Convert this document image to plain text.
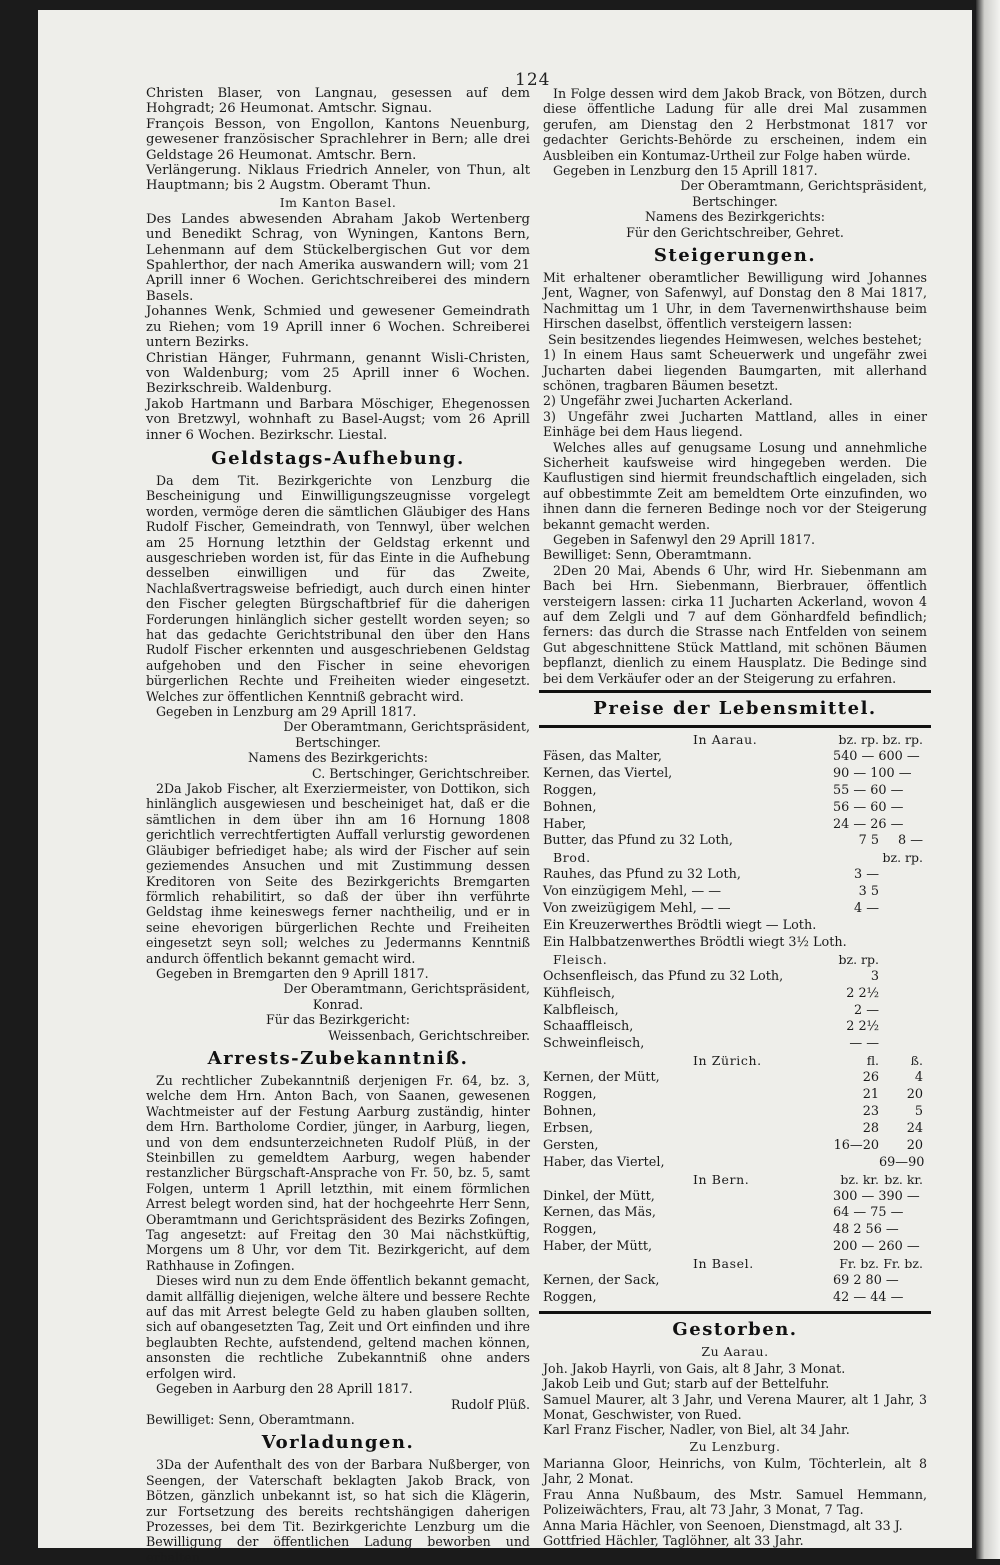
124

Christen Blaser, von Langnau, gesessen auf dem Hohgradt; 26 Heumonat. Amtschr. Signau.

François Besson, von Engollon, Kantons Neuenburg, gewesener französischer Sprachlehrer in Bern; alle drei Geldstage 26 Heumonat. Amtschr. Bern.

Verlängerung. Niklaus Friedrich Anneler, von Thun, alt Hauptmann; bis 2 Augstm. Oberamt Thun.

Im Kanton Basel.

Des Landes abwesenden Abraham Jakob Wertenberg und Benedikt Schrag, von Wyningen, Kantons Bern, Lehenmann auf dem Stückelbergischen Gut vor dem Spahlerthor, der nach Amerika auswandern will; vom 21 Aprill inner 6 Wochen. Gerichtschreiberei des mindern Basels.

Johannes Wenk, Schmied und gewesener Gemeindrath zu Riehen; vom 19 Aprill inner 6 Wochen. Schreiberei untern Bezirks.

Christian Hänger, Fuhrmann, genannt Wisli-Christen, von Waldenburg; vom 25 Aprill inner 6 Wochen. Bezirkschreib. Waldenburg.

Jakob Hartmann und Barbara Möschiger, Ehegenossen von Bretzwyl, wohnhaft zu Basel-Augst; vom 26 Aprill inner 6 Wochen. Bezirkschr. Liestal.

Geldstags-Aufhebung.

Da dem Tit. Bezirkgerichte von Lenzburg die Bescheinigung und Einwilligungszeugnisse vorgelegt worden, vermöge deren die sämtlichen Gläubiger des Hans Rudolf Fischer, Gemeindrath, von Tennwyl, über welchen am 25 Hornung letzthin der Geldstag erkennt und ausgeschrieben worden ist, für das Einte in die Aufhebung desselben einwilligen und für das Zweite, Nachlaßvertragsweise befriedigt, auch durch einen hinter den Fischer gelegten Bürgschaftbrief für die daherigen Forderungen hinlänglich sicher gestellt worden seyen; so hat das gedachte Gerichtstribunal den über den Hans Rudolf Fischer erkennten und ausgeschriebenen Geldstag aufgehoben und den Fischer in seine ehevorigen bürgerlichen Rechte und Freiheiten wieder eingesetzt. Welches zur öffentlichen Kenntniß gebracht wird.

Gegeben in Lenzburg am 29 Aprill 1817.

Der Oberamtmann, Gerichtspräsident,

Bertschinger.

Namens des Bezirkgerichts:

C. Bertschinger, Gerichtschreiber.

2Da Jakob Fischer, alt Exerziermeister, von Dottikon, sich hinlänglich ausgewiesen und bescheiniget hat, daß er die sämtlichen in dem über ihn am 16 Hornung 1808 gerichtlich verrechtfertigten Auffall verlurstig gewordenen Gläubiger befriediget habe; als wird der Fischer auf sein geziemendes Ansuchen und mit Zustimmung dessen Kreditoren von Seite des Bezirkgerichts Bremgarten förmlich rehabilitirt, so daß der über ihn verführte Geldstag ihme keineswegs ferner nachtheilig, und er in seine ehevorigen bürgerlichen Rechte und Freiheiten eingesetzt seyn soll; welches zu Jedermanns Kenntniß andurch öffentlich bekannt gemacht wird.

Gegeben in Bremgarten den 9 Aprill 1817.

Der Oberamtmann, Gerichtspräsident,

Konrad.

Für das Bezirkgericht:

Weissenbach, Gerichtschreiber.

Arrests-Zubekanntniß.

Zu rechtlicher Zubekanntniß derjenigen Fr. 64, bz. 3, welche dem Hrn. Anton Bach, von Saanen, gewesenen Wachtmeister auf der Festung Aarburg zuständig, hinter dem Hrn. Bartholome Cordier, jünger, in Aarburg, liegen, und von dem endsunterzeichneten Rudolf Plüß, in der Steinbillen zu gemeldtem Aarburg, wegen habender restanzlicher Bürgschaft-Ansprache von Fr. 50, bz. 5, samt Folgen, unterm 1 Aprill letzthin, mit einem förmlichen Arrest belegt worden sind, hat der hochgeehrte Herr Senn, Oberamtmann und Gerichtspräsident des Bezirks Zofingen, Tag angesetzt: auf Freitag den 30 Mai nächstküftig, Morgens um 8 Uhr, vor dem Tit. Bezirkgericht, auf dem Rathhause in Zofingen.

Dieses wird nun zu dem Ende öffentlich bekannt gemacht, damit allfällig diejenigen, welche ältere und bessere Rechte auf das mit Arrest belegte Geld zu haben glauben sollten, sich auf obangesetzten Tag, Zeit und Ort einfinden und ihre beglaubten Rechte, aufstendend, geltend machen können, ansonsten die rechtliche Zubekanntniß ohne anders erfolgen wird.

Gegeben in Aarburg den 28 Aprill 1817.

Rudolf Plüß.

Bewilliget: Senn, Oberamtmann.

Vorladungen.

3Da der Aufenthalt des von der Barbara Nußberger, von Seengen, der Vaterschaft beklagten Jakob Brack, von Bötzen, gänzlich unbekannt ist, so hat sich die Klägerin, zur Fortsetzung des bereits rechtshängigen daherigen Prozesses, bei dem Tit. Bezirkgerichte Lenzburg um die Bewilligung der öffentlichen Ladung beworben und erhalten.

In Folge dessen wird dem Jakob Brack, von Bötzen, durch diese öffentliche Ladung für alle drei Mal zusammen gerufen, am Dienstag den 2 Herbstmonat 1817 vor gedachter Gerichts-Behörde zu erscheinen, indem ein Ausbleiben ein Kontumaz-Urtheil zur Folge haben würde.

Gegeben in Lenzburg den 15 Aprill 1817.

Der Oberamtmann, Gerichtspräsident,

Bertschinger.

Namens des Bezirkgerichts:

Für den Gerichtschreiber, Gehret.

Steigerungen.

Mit erhaltener oberamtlicher Bewilligung wird Johannes Jent, Wagner, von Safenwyl, auf Donstag den 8 Mai 1817, Nachmittag um 1 Uhr, in dem Tavernenwirthshause beim Hirschen daselbst, öffentlich versteigern lassen:

Sein besitzendes liegendes Heimwesen, welches bestehet;

1) In einem Haus samt Scheuerwerk und ungefähr zwei Jucharten dabei liegenden Baumgarten, mit allerhand schönen, tragbaren Bäumen besetzt.

2) Ungefähr zwei Jucharten Ackerland.

3) Ungefähr zwei Jucharten Mattland, alles in einer Einhäge bei dem Haus liegend.

Welches alles auf genugsame Losung und annehmliche Sicherheit kaufsweise wird hingegeben werden. Die Kauflustigen sind hiermit freundschaftlich eingeladen, sich auf obbestimmte Zeit am bemeldtem Orte einzufinden, wo ihnen dann die ferneren Bedinge noch vor der Steigerung bekannt gemacht werden.

Gegeben in Safenwyl den 29 Aprill 1817.

Bewilliget: Senn, Oberamtmann.

2Den 20 Mai, Abends 6 Uhr, wird Hr. Siebenmann am Bach bei Hrn. Siebenmann, Bierbrauer, öffentlich versteigern lassen: cirka 11 Jucharten Ackerland, wovon 4 auf dem Zelgli und 7 auf dem Gönhardfeld befindlich; ferners: das durch die Strasse nach Entfelden von seinem Gut abgeschnittene Stück Mattland, mit schönen Bäumen bepflanzt, dienlich zu einem Hausplatz. Die Bedinge sind bei dem Verkäufer oder an der Steigerung zu erfahren.

Preise der Lebensmittel.
In Aarau.	bz. rp. bz. rp.
Fäsen, das Malter,	540 — 600 —
Kernen, das Viertel,	90 — 100 —
Roggen,	55 — 60 —
Bohnen,	56 — 60 —
Haber,	24 — 26 —
Butter, das Pfund zu 32 Loth,	7 5	8 —
Brod.	bz. rp.
Rauhes, das Pfund zu 32 Loth,	3 —
Von einzügigem Mehl, — —	3 5
Von zweizügigem Mehl, — —	4 —
Ein Kreuzerwerthes Brödtli wiegt — Loth.
Ein Halbbatzenwerthes Brödtli wiegt 3½ Loth.
Fleisch.	bz. rp.
Ochsenfleisch, das Pfund zu 32 Loth,	3
Kühfleisch,	2 2½
Kalbfleisch,	2 —
Schaaffleisch,	2 2½
Schweinfleisch,	— —
In Zürich.	fl.	ß.
Kernen, der Mütt,	26	4
Roggen,	21	20
Bohnen,	23	5
Erbsen,	28	24
Gersten,	16—20	20
Haber, das Viertel,	69—90
In Bern.	bz. kr. bz. kr.
Dinkel, der Mütt,	300 — 390 —
Kernen, das Mäs,	64 — 75 —
Roggen,	48 2 56 —
Haber, der Mütt,	200 — 260 —
In Basel.	Fr. bz. Fr. bz.
Kernen, der Sack,	69 2 80 —
Roggen,	42 — 44 —
Gestorben.
Zu Aarau.

Joh. Jakob Hayrli, von Gais, alt 8 Jahr, 3 Monat.

Jakob Leib und Gut; starb auf der Bettelfuhr.

Samuel Maurer, alt 3 Jahr, und Verena Maurer, alt 1 Jahr, 3 Monat, Geschwister, von Rued.

Karl Franz Fischer, Nadler, von Biel, alt 34 Jahr.

Zu Lenzburg.

Marianna Gloor, Heinrichs, von Kulm, Töchterlein, alt 8 Jahr, 2 Monat.

Frau Anna Nußbaum, des Mstr. Samuel Hemmann, Polizeiwächters, Frau, alt 73 Jahr, 3 Monat, 7 Tag.

Anna Maria Hächler, von Seenoen, Dienstmagd, alt 33 J.

Gottfried Hächler, Taglöhner, alt 33 Jahr.
